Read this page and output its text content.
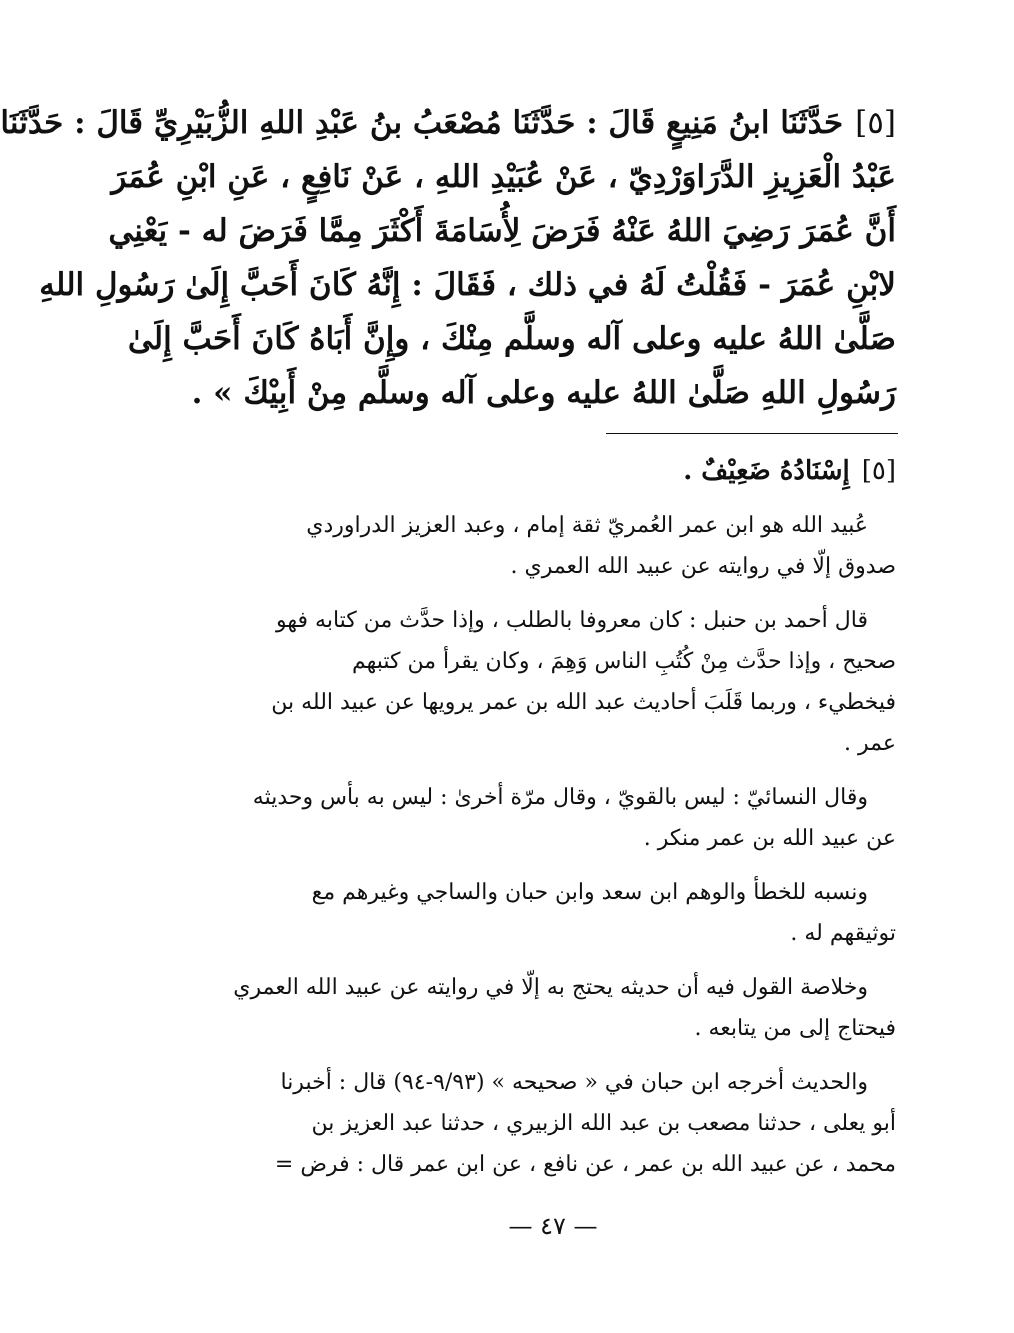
[٥]حَدَّثَنَا ابنُ مَنِيعٍ قَالَ : حَدَّثَنَا مُصْعَبُ بنُ عَبْدِ اللهِ الزُّبَيْرِيِّ قَالَ : حَدَّثَنَا
عَبْدُ الْعَزِيزِ الدَّرَاوَرْدِيّ ، عَنْ عُبَيْدِ اللهِ ، عَنْ نَافِعٍ ، عَنِ ابْنِ عُمَرَ
أَنَّ عُمَرَ رَضِيَ اللهُ عَنْهُ فَرَضَ لِأُسَامَةَ أَكْثَرَ مِمَّا فَرَضَ له - يَعْنِي
لابْنِ عُمَرَ - فَقُلْتُ لَهُ في ذلك ، فَقَالَ : إِنَّهُ كَانَ أَحَبَّ إِلَىٰ رَسُولِ اللهِ
صَلَّىٰ اللهُ عليه وعلى آله وسلَّم مِنْكَ ، وإِنَّ أَبَاهُ كَانَ أَحَبَّ إِلَىٰ
رَسُولِ اللهِ صَلَّىٰ اللهُ عليه وعلى آله وسلَّم مِنْ أَبِيْكَ » .
[٥]إِسْنَادُهُ ضَعِيْفٌ .
عُبيد الله هو ابن عمر العُمريّ ثقة إمام ، وعبد العزيز الدراوردي
صدوق إلّا في روايته عن عبيد الله العمري .
قال أحمد بن حنبل : كان معروفا بالطلب ، وإذا حدَّث من كتابه فهو
صحيح ، وإذا حدَّث مِنْ كُتُبِ الناس وَهِمَ ، وكان يقرأ من كتبهم
فيخطيء ، وربما قَلَبَ أحاديث عبد الله بن عمر يرويها عن عبيد الله بن
عمر .
وقال النسائيّ : ليس بالقويّ ، وقال مرّة أخرىٰ : ليس به بأس وحديثه
عن عبيد الله بن عمر منكر .
ونسبه للخطأ والوهم ابن سعد وابن حبان والساجي وغيرهم مع
توثيقهم له .
وخلاصة القول فيه أن حديثه يحتج به إلّا في روايته عن عبيد الله العمري
فيحتاج إلى من يتابعه .
والحديث أخرجه ابن حبان في « صحيحه » (٩/٩٣-٩٤) قال : أخبرنا
أبو يعلى ، حدثنا مصعب بن عبد الله الزبيري ، حدثنا عبد العزيز بن
محمد ، عن عبيد الله بن عمر ، عن نافع ، عن ابن عمر قال : فرض =
— ٤٧ —
